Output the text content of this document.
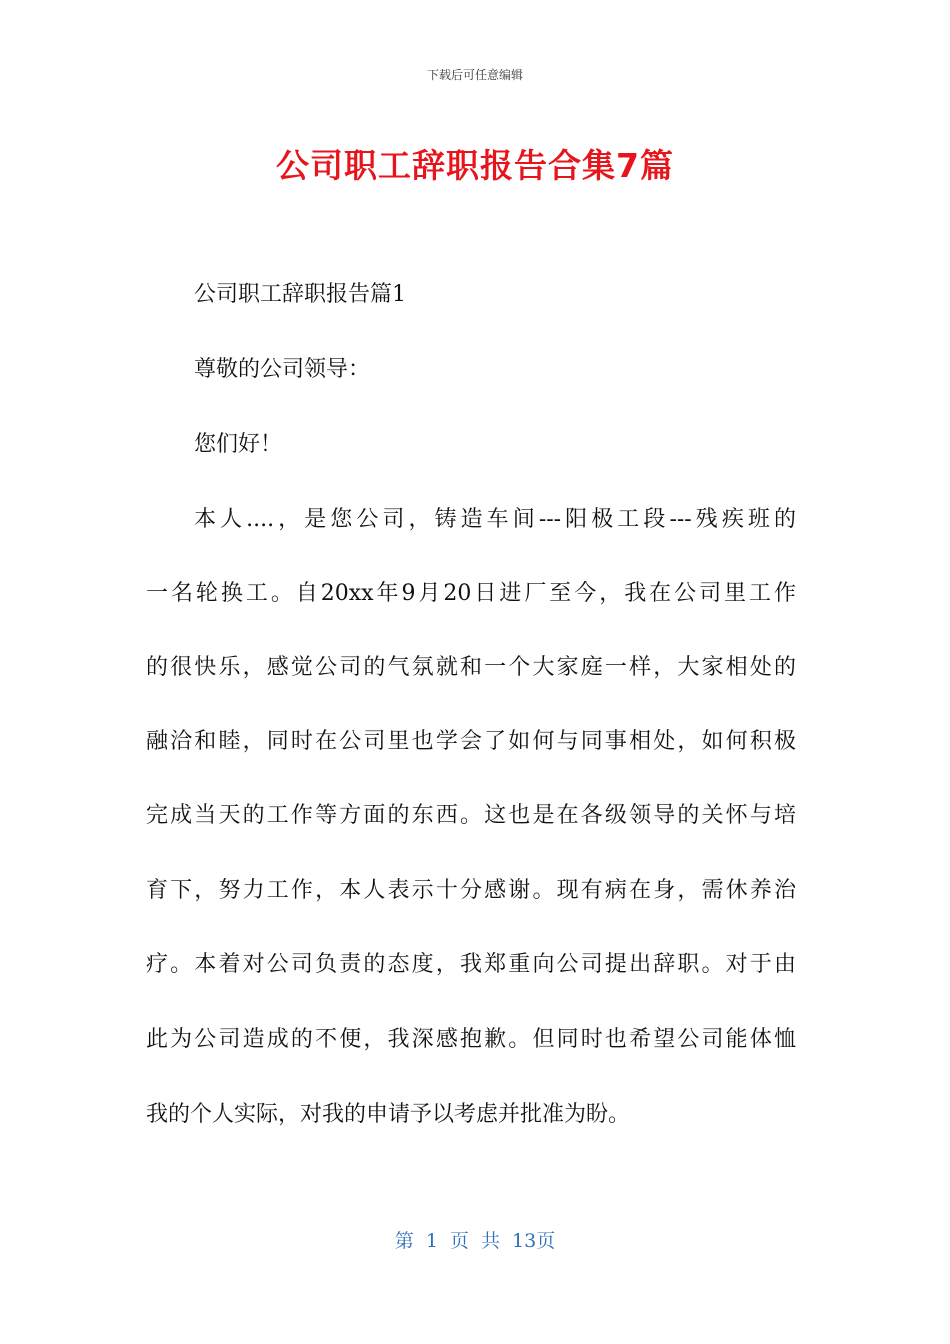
下载后可任意编辑
公司职工辞职报告合集7篇
公司职工辞职报告篇1
尊敬的公司领导：
您们好！
本人....，是您公司，铸造车间---阳极工段---残疾班的
一名轮换工。自20xx年9月20日进厂至今，我在公司里工作
的很快乐，感觉公司的气氛就和一个大家庭一样，大家相处的
融洽和睦，同时在公司里也学会了如何与同事相处，如何积极
完成当天的工作等方面的东西。这也是在各级领导的关怀与培
育下，努力工作，本人表示十分感谢。现有病在身，需休养治
疗。本着对公司负责的态度，我郑重向公司提出辞职。对于由
此为公司造成的不便，我深感抱歉。但同时也希望公司能体恤
我的个人实际，对我的申请予以考虑并批准为盼。
第 1 页 共 13页
